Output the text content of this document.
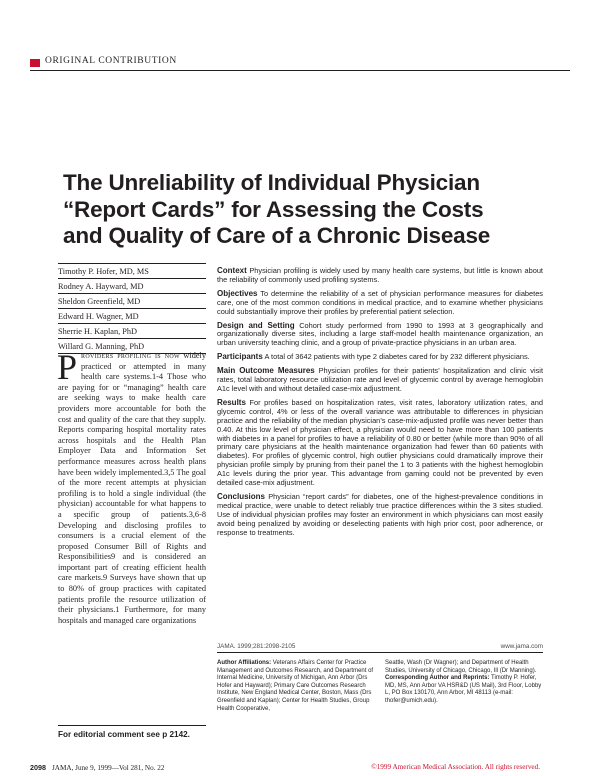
ORIGINAL CONTRIBUTION
The Unreliability of Individual Physician
“Report Cards” for Assessing the Costs
and Quality of Care of a Chronic Disease
Timothy P. Hofer, MD, MS
Rodney A. Hayward, MD
Sheldon Greenfield, MD
Edward H. Wagner, MD
Sherrie H. Kaplan, PhD
Willard G. Manning, PhD
Providers profiling is now widely practiced or attempted in many health care systems.1-4 Those who are paying for or “managing” health care are seeking ways to make health care providers more accountable for both the cost and quality of the care that they supply. Reports comparing hospital mortality rates across hospitals and the Health Plan Employer Data and Information Set performance measures across health plans have been widely implemented.3,5 The goal of the more recent attempts at physician profiling is to hold a single individual (the physician) accountable for what happens to a specific group of patients.3,6-8 Developing and disclosing profiles to consumers is a crucial element of the proposed Consumer Bill of Rights and Responsibilities9 and is considered an important part of creating efficient health care markets.9 Surveys have shown that up to 80% of group practices with capitated patients profile the resource utilization of their physicians.1 Furthermore, for many hospitals and managed care organizations
For editorial comment see p 2142.

Context Physician profiling is widely used by many health care systems, but little is known about the reliability of commonly used profiling systems.

Objectives To determine the reliability of a set of physician performance measures for diabetes care, one of the most common conditions in medical practice, and to examine whether physicians could substantially improve their profiles by preferential patient selection.

Design and Setting Cohort study performed from 1990 to 1993 at 3 geographically and organizationally diverse sites, including a large staff-model health maintenance organization, an urban university teaching clinic, and a group of private-practice physicians in an urban area.

Participants A total of 3642 patients with type 2 diabetes cared for by 232 different physicians.

Main Outcome Measures Physician profiles for their patients’ hospitalization and clinic visit rates, total laboratory resource utilization rate and level of glycemic control by average hemoglobin A1c level with and without detailed case-mix adjustment.

Results For profiles based on hospitalization rates, visit rates, laboratory utilization rates, and glycemic control, 4% or less of the overall variance was attributable to differences in physician practice and the reliability of the median physician’s case-mix-adjusted profile was never better than 0.40. At this low level of physician effect, a physician would need to have more than 100 patients with diabetes in a panel for profiles to have a reliability of 0.80 or better (while more than 90% of all primary care physicians at the health maintenance organization had fewer than 60 patients with diabetes). For profiles of glycemic control, high outlier physicians could dramatically improve their physician profile simply by pruning from their panel the 1 to 3 patients with the highest hemoglobin A1c levels during the prior year. This advantage from gaming could not be prevented by even detailed case-mix adjustment.

Conclusions Physician “report cards” for diabetes, one of the highest-prevalence conditions in medical practice, were unable to detect reliably true practice differences within the 3 sites studied. Use of individual physician profiles may foster an environment in which physicians can most easily avoid being penalized by avoiding or deselecting patients with high prior cost, poor adherence, or response to treatments.

JAMA. 1999;281:2098-2105	www.jama.com
Author Affiliations: Veterans Affairs Center for Practice Management and Outcomes Research, and Department of Internal Medicine, University of Michigan, Ann Arbor (Drs Hofer and Hayward); Primary Care Outcomes Research Institute, New England Medical Center, Boston, Mass (Drs Greenfield and Kaplan); Center for Health Studies, Group Health Cooperative,
Seattle, Wash (Dr Wagner); and Department of Health Studies, University of Chicago, Chicago, Ill (Dr Manning).
Corresponding Author and Reprints: Timothy P. Hofer, MD, MS, Ann Arbor VA HSR&D (US Mail), 3rd Floor, Lobby L, PO Box 130170, Ann Arbor, MI 48113 (e-mail: thofer@umich.edu).
2098 JAMA, June 9, 1999—Vol 281, No. 22	©1999 American Medical Association. All rights reserved.
